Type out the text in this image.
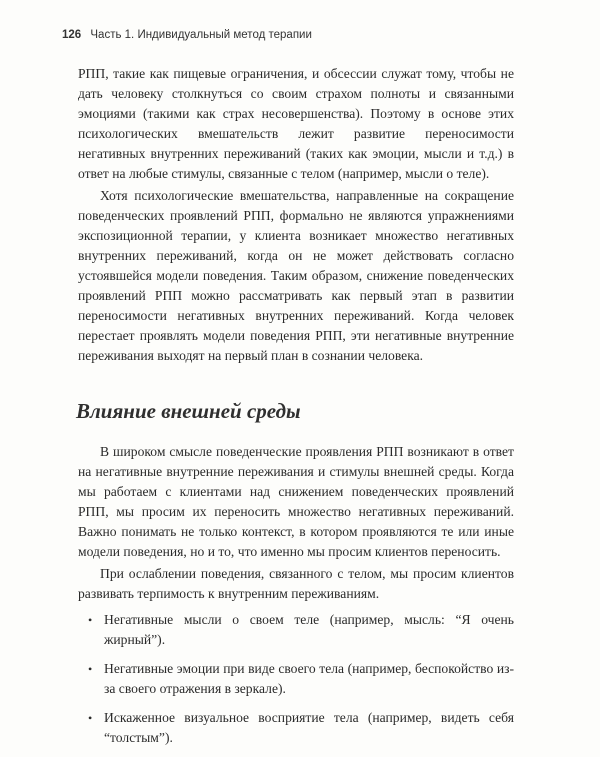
126 Часть 1. Индивидуальный метод терапии

РПП, такие как пищевые ограничения, и обсессии служат тому, чтобы не дать человеку столкнуться со своим страхом полноты и связанными эмоциями (такими как страх несовершенства). Поэтому в основе этих психологических вмешательств лежит развитие переносимости негативных внутренних переживаний (таких как эмоции, мысли и т.д.) в ответ на любые стимулы, связанные с телом (например, мысли о теле).

Хотя психологические вмешательства, направленные на сокращение поведенческих проявлений РПП, формально не являются упражнениями экспозиционной терапии, у клиента возникает множество негативных внутренних переживаний, когда он не может действовать согласно устоявшейся модели поведения. Таким образом, снижение поведенческих проявлений РПП можно рассматривать как первый этап в развитии переносимости негативных внутренних переживаний. Когда человек перестает проявлять модели поведения РПП, эти негативные внутренние переживания выходят на первый план в сознании человека.

Влияние внешней среды

В широком смысле поведенческие проявления РПП возникают в ответ на негативные внутренние переживания и стимулы внешней среды. Когда мы работаем с клиентами над снижением поведенческих проявлений РПП, мы просим их переносить множество негативных переживаний. Важно понимать не только контекст, в котором проявляются те или иные модели поведения, но и то, что именно мы просим клиентов переносить.

При ослаблении поведения, связанного с телом, мы просим клиентов развивать терпимость к внутренним переживаниям.

• Негативные мысли о своем теле (например, мысль: “Я очень жирный”).

• Негативные эмоции при виде своего тела (например, беспокойство из-за своего отражения в зеркале).

• Искаженное визуальное восприятие тела (например, видеть себя “толстым”).
